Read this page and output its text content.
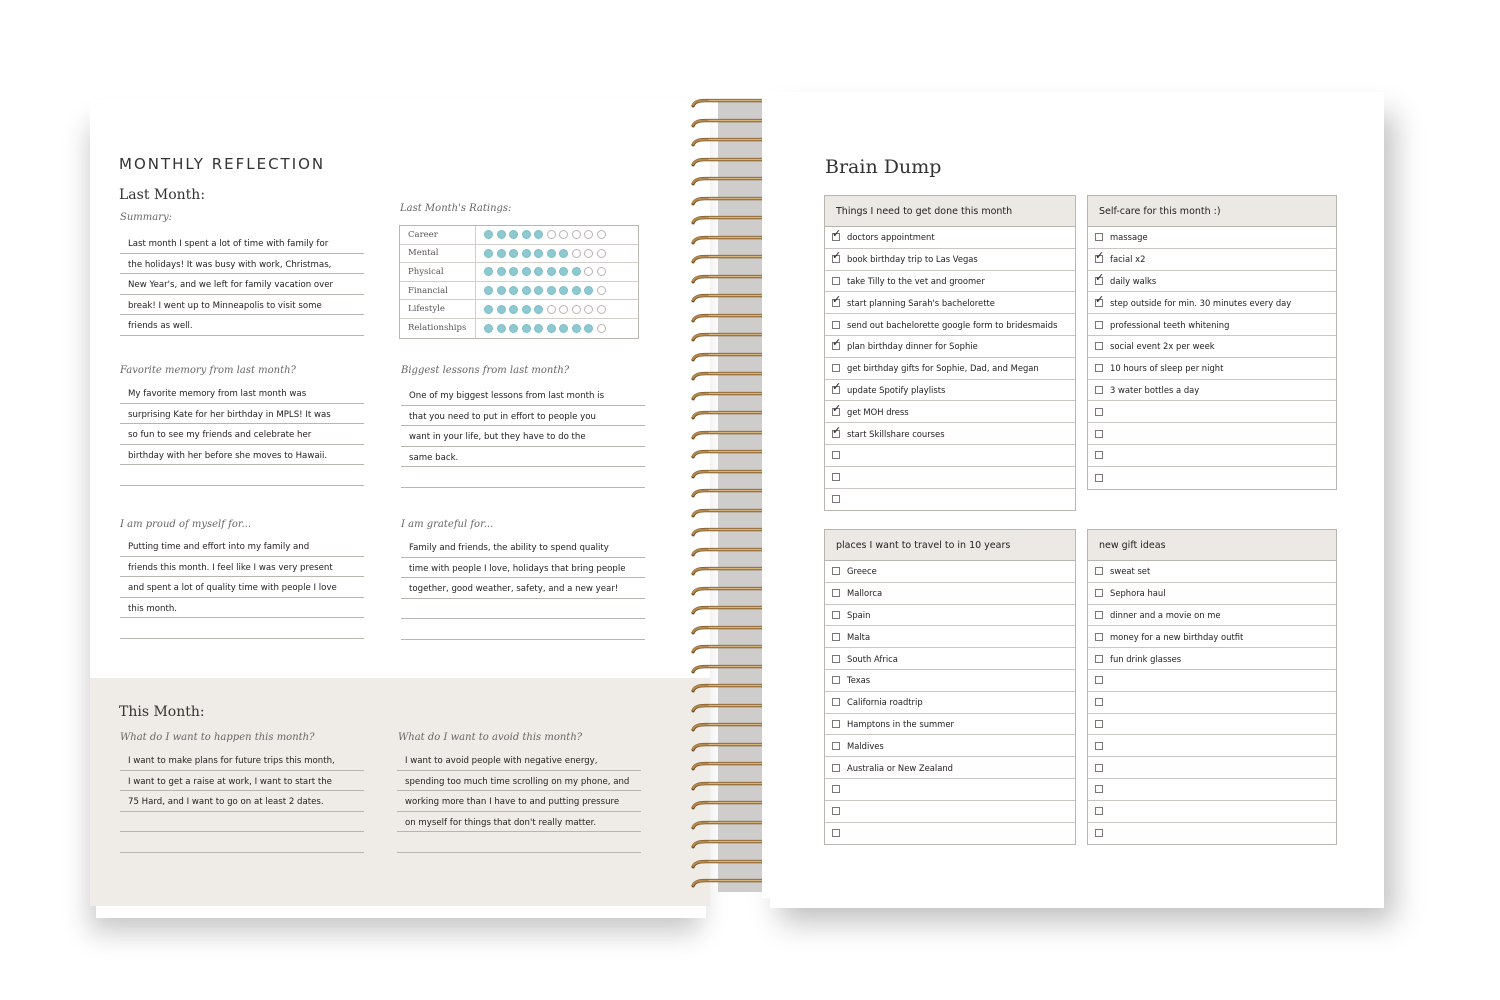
MONTHLY REFLECTION
Last Month:
Summary:
Last month I spent a lot of time with family for
the holidays! It was busy with work, Christmas,
New Year's, and we left for family vacation over
break! I went up to Minneapolis to visit some
friends as well.
Last Month's Ratings:
Career
Mental
Physical
Financial
Lifestyle
Relationships
Favorite memory from last month?
My favorite memory from last month was
surprising Kate for her birthday in MPLS! It was
so fun to see my friends and celebrate her
birthday with her before she moves to Hawaii.
Biggest lessons from last month?
One of my biggest lessons from last month is
that you need to put in effort to people you
want in your life, but they have to do the
same back.
I am proud of myself for...
Putting time and effort into my family and
friends this month. I feel like I was very present
and spent a lot of quality time with people I love
this month.
I am grateful for...
Family and friends, the ability to spend quality
time with people I love, holidays that bring people
together, good weather, safety, and a new year!
This Month:
What do I want to happen this month?
I want to make plans for future trips this month,
I want to get a raise at work, I want to start the
75 Hard, and I want to go on at least 2 dates.
What do I want to avoid this month?
I want to avoid people with negative energy,
spending too much time scrolling on my phone, and
working more than I have to and putting pressure
on myself for things that don't really matter.
Brain Dump
Things I need to get done this month
✓
doctors appointment
✓
book birthday trip to Las Vegas
take Tilly to the vet and groomer
✓
start planning Sarah's bachelorette
send out bachelorette google form to bridesmaids
✓
plan birthday dinner for Sophie
get birthday gifts for Sophie, Dad, and Megan
✓
update Spotify playlists
✓
get MOH dress
✓
start Skillshare courses
Self-care for this month :)
massage
✓
facial x2
✓
daily walks
✓
step outside for min. 30 minutes every day
professional teeth whitening
social event 2x per week
10 hours of sleep per night
3 water bottles a day
places I want to travel to in 10 years
Greece
Mallorca
Spain
Malta
South Africa
Texas
California roadtrip
Hamptons in the summer
Maldives
Australia or New Zealand
new gift ideas
sweat set
Sephora haul
dinner and a movie on me
money for a new birthday outfit
fun drink glasses
